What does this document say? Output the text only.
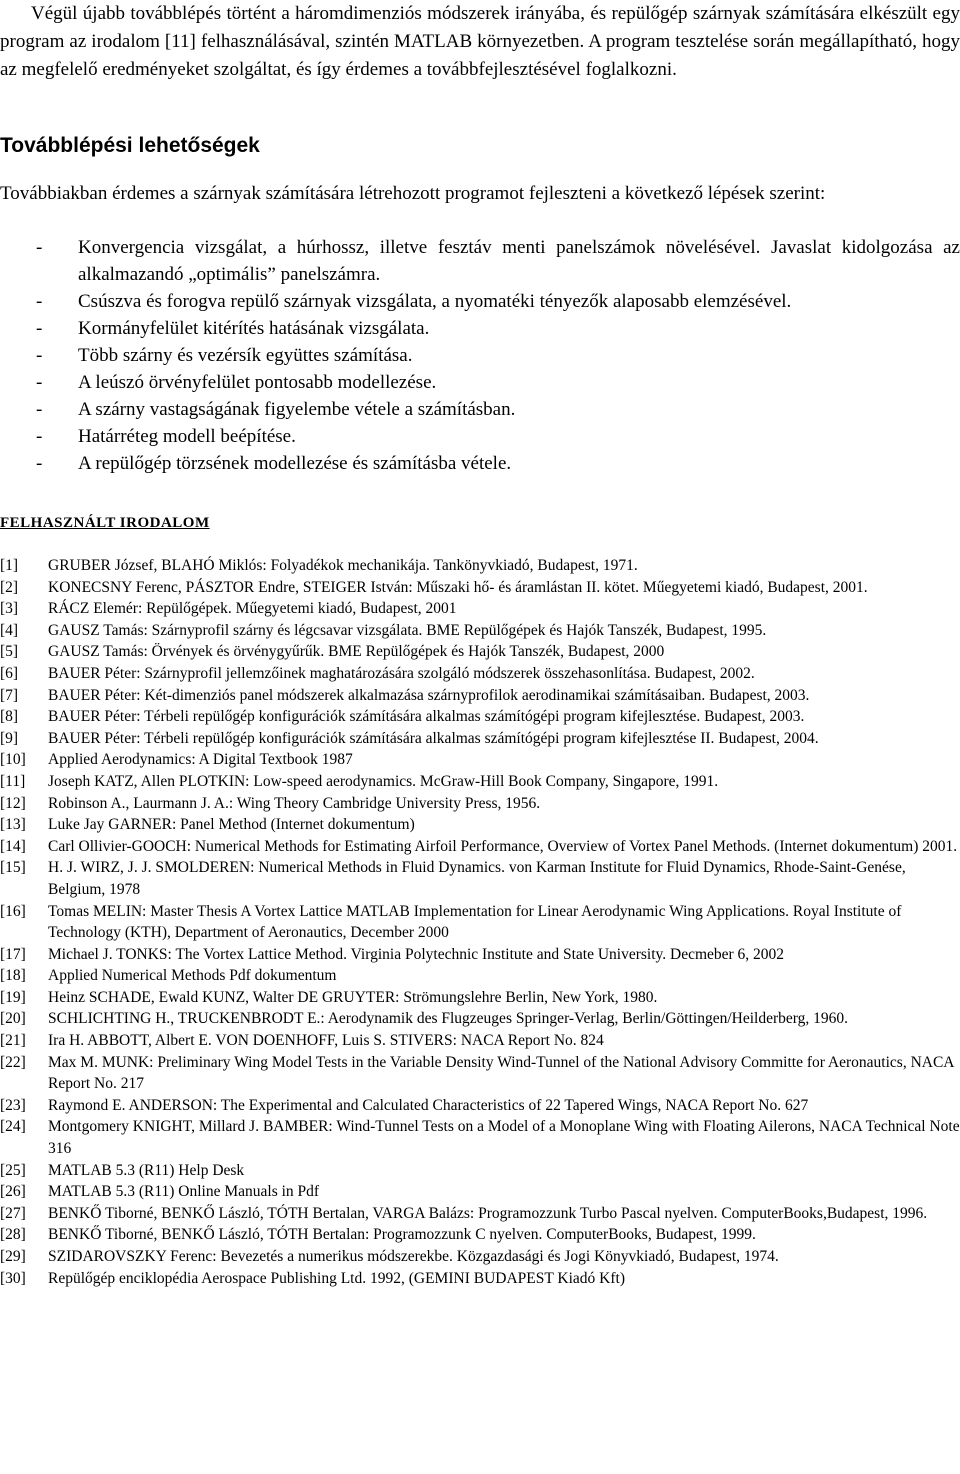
Végül újabb továbblépés történt a háromdimenziós módszerek irányába, és repülőgép szárnyak számítására elkészült egy program az irodalom [11] felhasználásával, szintén MATLAB környezetben. A program tesztelése során megállapítható, hogy az megfelelő eredményeket szolgáltat, és így érdemes a továbbfejlesztésével foglalkozni.

Továbblépési lehetőségek
Továbbiakban érdemes a szárnyak számítására létrehozott programot fejleszteni a következő lépések szerint:
-	Konvergencia vizsgálat, a húrhossz, illetve fesztáv menti panelszámok növelésével. Javaslat kidolgozása az alkalmazandó „optimális” panelszámra.
-	Csúszva és forogva repülő szárnyak vizsgálata, a nyomatéki tényezők alaposabb elemzésével.
-	Kormányfelület kitérítés hatásának vizsgálata.
-	Több szárny és vezérsík együttes számítása.
-	A leúszó örvényfelület pontosabb modellezése.
-	A szárny vastagságának figyelembe vétele a számításban.
-	Határréteg modell beépítése.
-	A repülőgép törzsének modellezése és számításba vétele.
FELHASZNÁLT IRODALOM
[1]	GRUBER József, BLAHÓ Miklós: Folyadékok mechanikája. Tankönyvkiadó, Budapest, 1971.
[2]	KONECSNY Ferenc, PÁSZTOR Endre, STEIGER István: Műszaki hő- és áramlástan II. kötet. Műegyetemi kiadó, Budapest, 2001.
[3]	RÁCZ Elemér: Repülőgépek. Műegyetemi kiadó, Budapest, 2001
[4]	GAUSZ Tamás: Szárnyprofil szárny és légcsavar vizsgálata. BME Repülőgépek és Hajók Tanszék, Budapest, 1995.
[5]	GAUSZ Tamás: Örvények és örvénygyűrűk. BME Repülőgépek és Hajók Tanszék, Budapest, 2000
[6]	BAUER Péter: Szárnyprofil jellemzőinek maghatározására szolgáló módszerek összehasonlítása. Budapest, 2002.
[7]	BAUER Péter: Két-dimenziós panel módszerek alkalmazása szárnyprofilok aerodinamikai számításaiban. Budapest, 2003.
[8]	BAUER Péter: Térbeli repülőgép konfigurációk számítására alkalmas számítógépi program kifejlesztése. Budapest, 2003.
[9]	BAUER Péter: Térbeli repülőgép konfigurációk számítására alkalmas számítógépi program kifejlesztése II. Budapest, 2004.
[10]	Applied Aerodynamics: A Digital Textbook 1987
[11]	Joseph KATZ, Allen PLOTKIN: Low-speed aerodynamics. McGraw-Hill Book Company, Singapore, 1991.
[12]	Robinson A., Laurmann J. A.: Wing Theory Cambridge University Press, 1956.
[13]	Luke Jay GARNER: Panel Method (Internet dokumentum)
[14]	Carl Ollivier-GOOCH: Numerical Methods for Estimating Airfoil Performance, Overview of Vortex Panel Methods. (Internet dokumentum) 2001.
[15]	H. J. WIRZ, J. J. SMOLDEREN: Numerical Methods in Fluid Dynamics. von Karman Institute for Fluid Dynamics, Rhode-Saint-Genése, Belgium, 1978
[16]	Tomas MELIN: Master Thesis A Vortex Lattice MATLAB Implementation for Linear Aerodynamic Wing Applications. Royal Institute of Technology (KTH), Department of Aeronautics, December 2000
[17]	Michael J. TONKS: The Vortex Lattice Method. Virginia Polytechnic Institute and State University. Decmeber 6, 2002
[18]	Applied Numerical Methods Pdf dokumentum
[19]	Heinz SCHADE, Ewald KUNZ, Walter DE GRUYTER: Strömungslehre Berlin, New York, 1980.
[20]	SCHLICHTING H., TRUCKENBRODT E.: Aerodynamik des Flugzeuges Springer-Verlag, Berlin/Göttingen/Heilderberg, 1960.
[21]	Ira H. ABBOTT, Albert E. VON DOENHOFF, Luis S. STIVERS: NACA Report No. 824
[22]	Max M. MUNK: Preliminary Wing Model Tests in the Variable Density Wind-Tunnel of the National Advisory Committe for Aeronautics, NACA Report No. 217
[23]	Raymond E. ANDERSON: The Experimental and Calculated Characteristics of 22 Tapered Wings, NACA Report No. 627
[24]	Montgomery KNIGHT, Millard J. BAMBER: Wind-Tunnel Tests on a Model of a Monoplane Wing with Floating Ailerons, NACA Technical Note 316
[25]	MATLAB 5.3 (R11) Help Desk
[26]	MATLAB 5.3 (R11) Online Manuals in Pdf
[27]	BENKŐ Tiborné, BENKŐ László, TÓTH Bertalan, VARGA Balázs: Programozzunk Turbo Pascal nyelven. ComputerBooks,Budapest, 1996.
[28]	BENKŐ Tiborné, BENKŐ László, TÓTH Bertalan: Programozzunk C nyelven. ComputerBooks, Budapest, 1999.
[29]	SZIDAROVSZKY Ferenc: Bevezetés a numerikus módszerekbe. Közgazdasági és Jogi Könyvkiadó, Budapest, 1974.
[30]	Repülőgép enciklopédia Aerospace Publishing Ltd. 1992, (GEMINI BUDAPEST Kiadó Kft)
